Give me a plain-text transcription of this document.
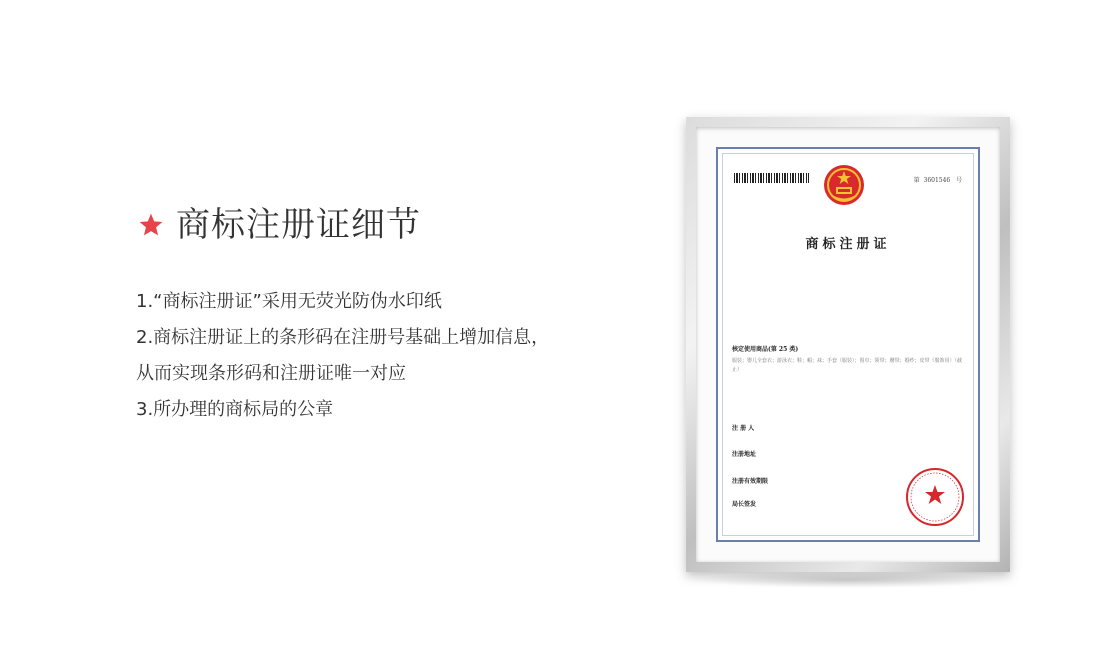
商标注册证细节
1.“商标注册证”采用无荧光防伪水印纸
2.商标注册证上的条形码在注册号基础上增加信息，
从而实现条形码和注册证唯一对应
3.所办理的商标局的公章
第 3601546 号
商标注册证
核定使用商品(第 25 类)
服装；婴儿全套衣；游泳衣；鞋；帽；袜；手套（服装）；围巾；领带；腰带；婚纱；皮带（服饰用）（截止）
注 册 人
注册地址
注册有效期限
局长签发
